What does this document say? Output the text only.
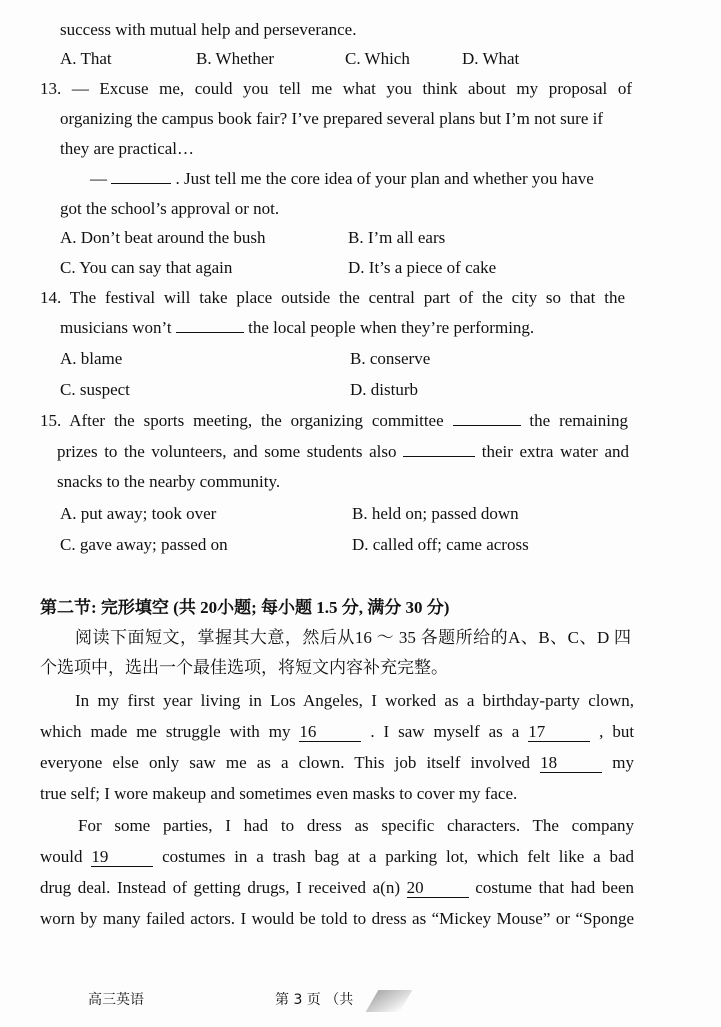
高三英语	第 3 页 （共
success with mutual help and perseverance.
A. That	B. Whether	C. Which	D. What
13. — Excuse me, could you tell me what you think about my proposal of
organizing the campus book fair? I’ve prepared several plans but I’m not sure if
they are practical…
—	. Just tell me the core idea of your plan and whether you have
got the school’s approval or not.
A. Don’t beat around the bush	B. I’m all ears
C. You can say that again	D. It’s a piece of cake
14. The festival will take place outside the central part of the city so that the
musicians won’t	the local people when they’re performing.
A. blame	B. conserve
C. suspect	D. disturb
15. After the sports meeting, the organizing committee	the remaining
prizes to the volunteers, and some students also	their extra water and
snacks to the nearby community.
A. put away; took over	B. held on; passed down
C. gave away; passed on	D. called off; came across
第二节: 完形填空 (共 20小题; 每小题 1.5 分, 满分 30 分)
阅读下面短文，掌握其大意，然后从16 ～ 35 各题所给的A、B、C、D 四
个选项中，选出一个最佳选项，将短文内容补充完整。
In my first year living in Los Angeles, I worked as a birthday-party clown,
which made me struggle with my 16	. I saw myself as a 17	, but
everyone else only saw me as a clown. This job itself involved 18	my
true self; I wore makeup and sometimes even masks to cover my face.
For some parties, I had to dress as specific characters. The company
would 19	costumes in a trash bag at a parking lot, which felt like a bad
drug deal. Instead of getting drugs, I received a(n) 20	costume that had been
worn by many failed actors. I would be told to dress as “Mickey Mouse” or “Sponge
